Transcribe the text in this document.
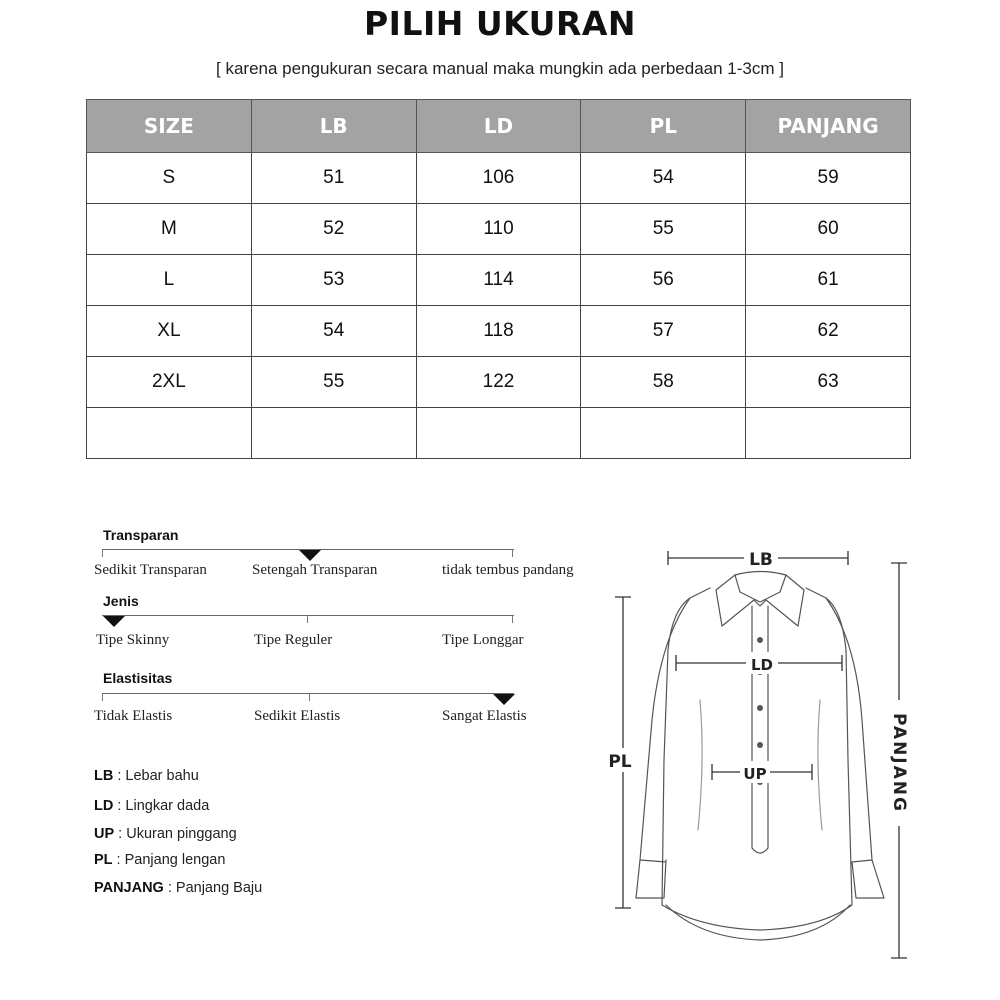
PILIH UKURAN
[ karena pengukuran secara manual maka mungkin ada perbedaan 1-3cm ]
SIZE	LB	LD	PL	PANJANG
S	51	106	54	59
M	52	110	55	60
L	53	114	56	61
XL	54	118	57	62
2XL	55	122	58	63

Transparan
Sedikit Transparan	Setengah Transparan	tidak tembus pandang
Jenis
Tipe Skinny	Tipe Reguler	Tipe Longgar
Elastisitas
Tidak Elastis	Sedikit Elastis	Sangat Elastis
LB : Lebar bahu
LD : Lingkar dada
UP : Ukuran pinggang
PL : Panjang lengan
PANJANG : Panjang Baju
LB
LD
UP
PL	PANJANG
